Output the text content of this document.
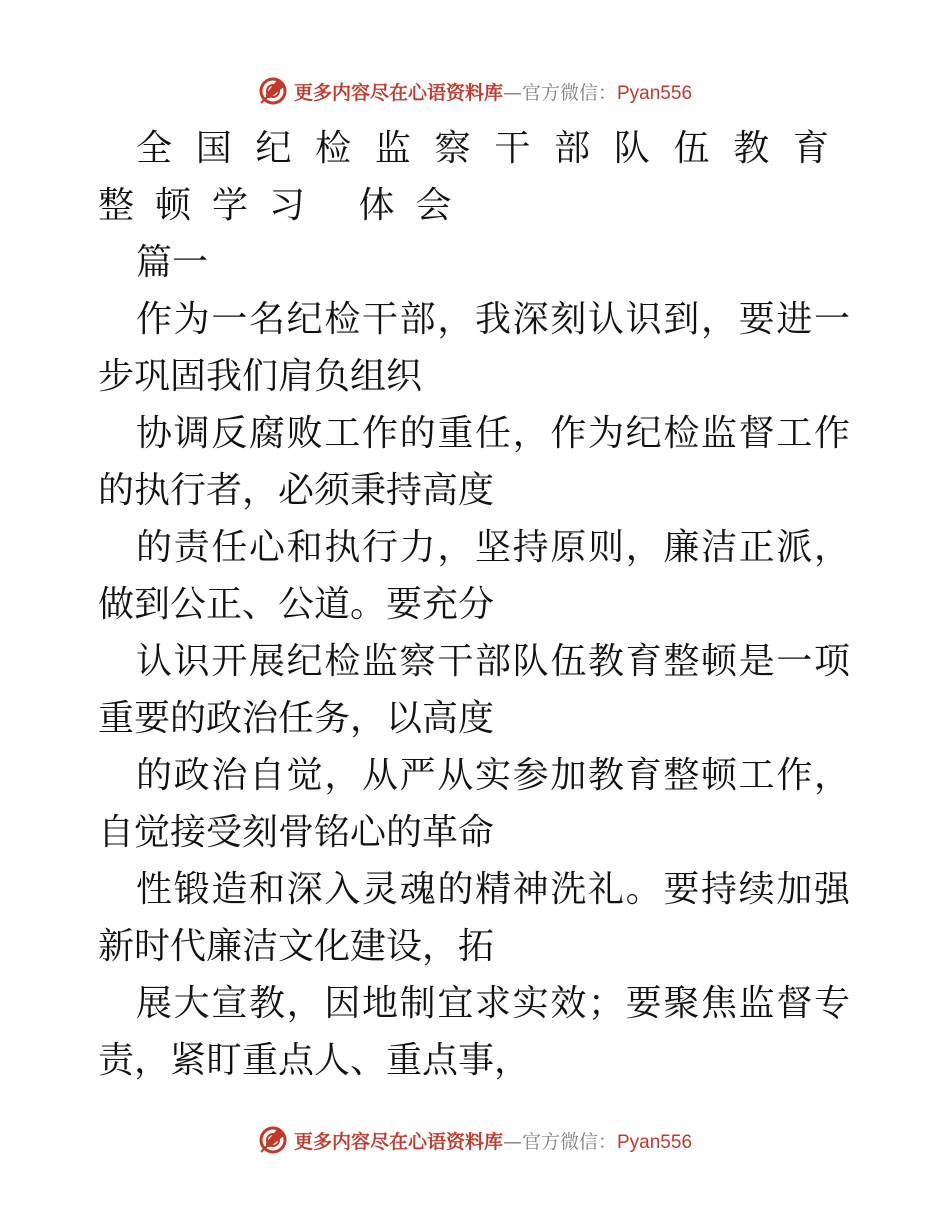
更多内容尽在心语资料库 — 官方微信： Pyan556

全国纪检监察干部队伍教育整顿学习 体会

篇一

作为一名纪检干部，我深刻认识到，要进一步巩固我们肩负组织

协调反腐败工作的重任，作为纪检监督工作的执行者，必须秉持高度

的责任心和执行力，坚持原则，廉洁正派，做到公正、公道。要充分

认识开展纪检监察干部队伍教育整顿是一项重要的政治任务，以高度

的政治自觉，从严从实参加教育整顿工作，自觉接受刻骨铭心的革命

性锻造和深入灵魂的精神洗礼。要持续加强新时代廉洁文化建设，拓

展大宣教，因地制宜求实效；要聚焦监督专责，紧盯重点人、重点事，

更多内容尽在心语资料库 — 官方微信： Pyan556
